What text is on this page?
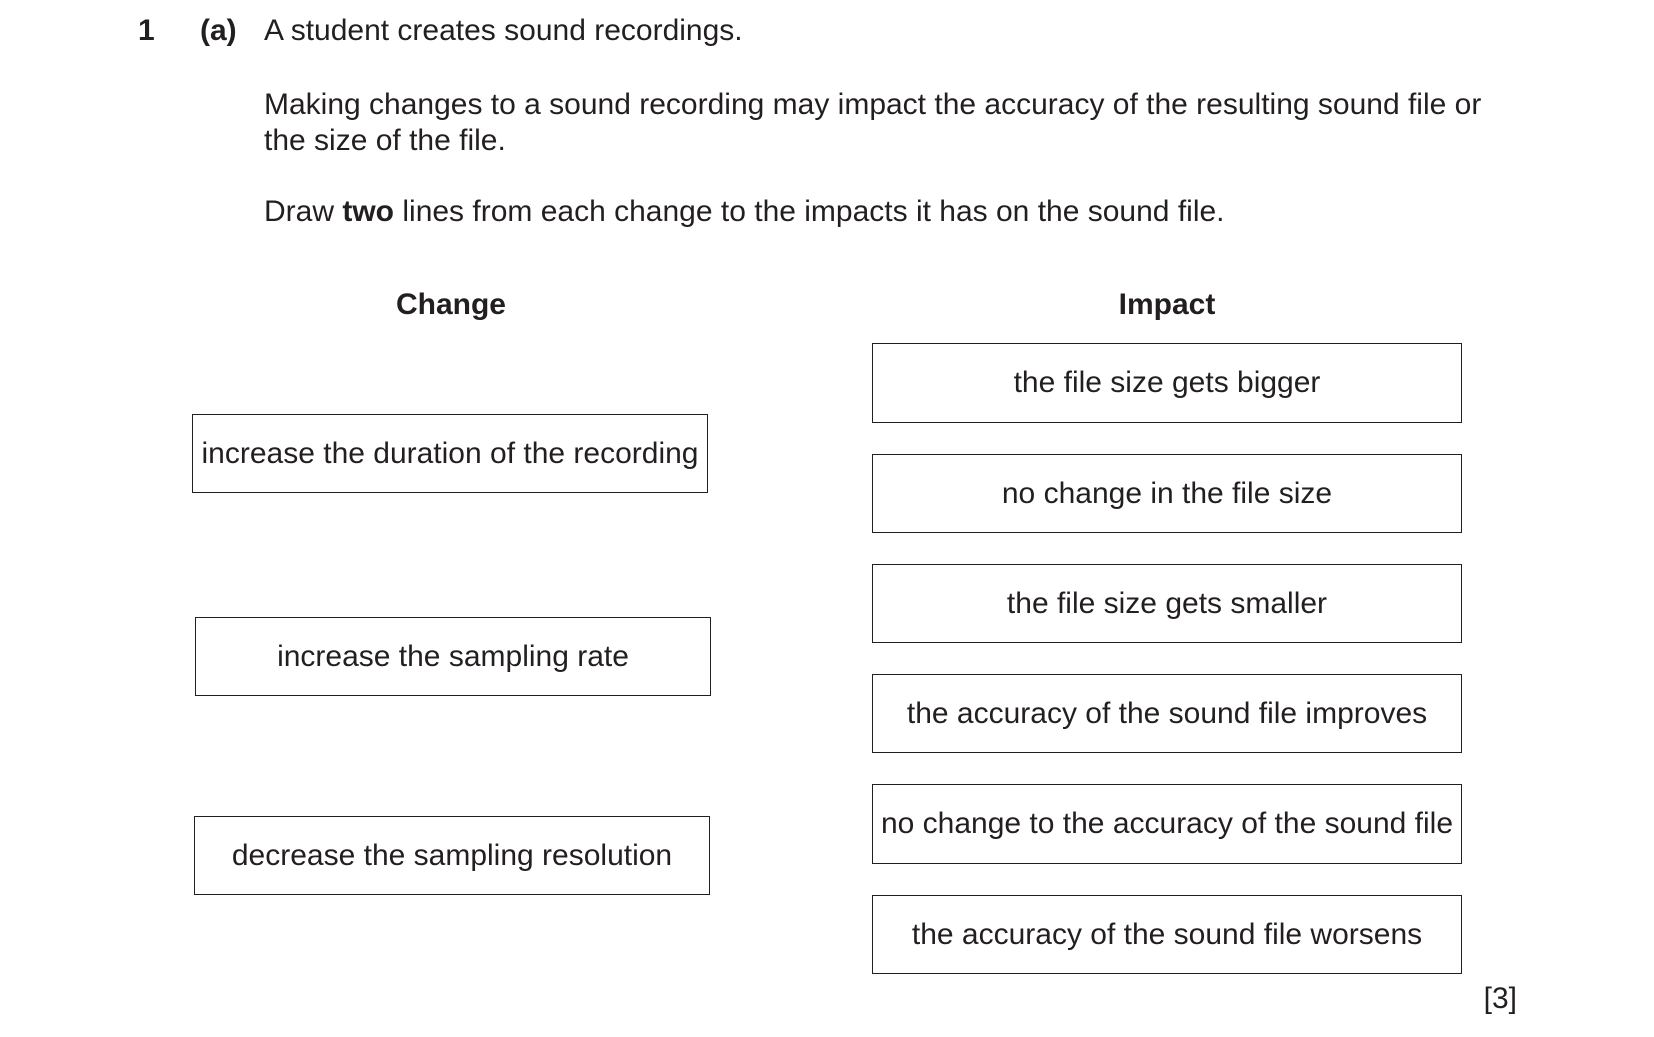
1 (a) A student creates sound recordings.
Making changes to a sound recording may impact the accuracy of the resulting sound file or the size of the file.
Draw two lines from each change to the impacts it has on the sound file.
Change	Impact
increase the duration of the recording
increase the sampling rate
decrease the sampling resolution
the file size gets bigger
no change in the file size
the file size gets smaller
the accuracy of the sound file improves
no change to the accuracy of the sound file
the accuracy of the sound file worsens
[3]
